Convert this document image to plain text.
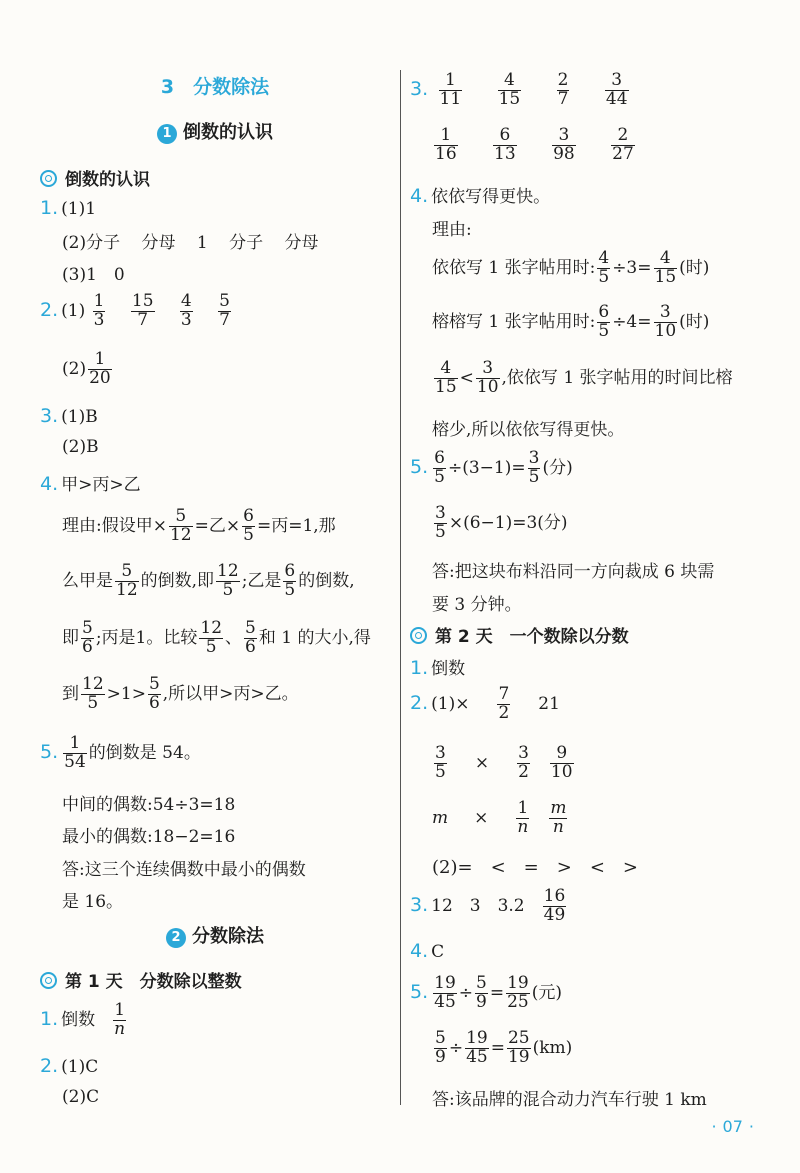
3　分数除法
1 倒数的认识
倒数的认识
1. (1)1
(2)分子 分母 1 分子 分母
(3)1　0
2. $(1) \frac{1}{3}$
$\frac{15}{7}$
$\frac{4}{3}$
$\frac{5}{7}$
$(2) \frac{1}{20}$
3. (1)B
(2)B
4. 甲>丙>乙
理由:假设甲× $\frac{5}{12}$ =乙× $\frac{6}{5}$ =丙=1,那
么甲是 $\frac{5}{12}$ 的倒数,即 $\frac{12}{5}$ ;乙是 $\frac{6}{5}$ 的倒数,
即 $\frac{5}{6}$ ;丙是1。比较 $\frac{12}{5}$ 、 $\frac{5}{6}$ 和 1 的大小,得
到 $\frac{12}{5} >1> \frac{5}{6}$ ,所以甲>丙>乙。
5. $\frac{1}{54}$ 的倒数是 54。
中间的偶数:54÷3=18
最小的偶数:18−2=16
答:这三个连续偶数中最小的偶数
是 16。
2 分数除法
第 1 天　分数除以整数
1. 倒数 $\frac{1}{n}$
2. (1)C
(2)C
3. $\frac{1}{11}$
$\frac{4}{15}$
$\frac{2}{7}$
$\frac{3}{44}$
$\frac{1}{16}$
$\frac{6}{13}$
$\frac{3}{98}$
$\frac{2}{27}$
4. 依依写得更快。
理由:
依依写 1 张字帖用时: $\frac{4}{5} \div 3= \frac{4}{15}$ (时)
榕榕写 1 张字帖用时: $\frac{6}{5} \div 4= \frac{3}{10}$ (时)
$\frac{4}{15} < \frac{3}{10}$ ,依依写 1 张字帖用的时间比榕
榕少,所以依依写得更快。
5. $\frac{6}{5} \div(3-1)= \frac{3}{5}$ (分)
$\frac{3}{5} \times(6-1)=3$(分)
答:把这块布料沿同一方向裁成 6 块需
要 3 分钟。
第 2 天　一个数除以分数
1. 倒数
2. $(1)\times \frac{7}{2} 21$
$\frac{3}{5} \times \frac{3}{2} \frac{9}{10}$
$m \times \frac{1}{n} \frac{m}{n}$
(2)=　<　=　>　<　>
3. 12　3　$3.2 \frac{16}{49}$
4. C
5. $\frac{19}{45} \div \frac{5}{9} = \frac{19}{25}$ (元)
$\frac{5}{9} \div \frac{19}{45} = \frac{25}{19} (km)$
答:该品牌的混合动力汽车行驶 1 km
· 07 ·
